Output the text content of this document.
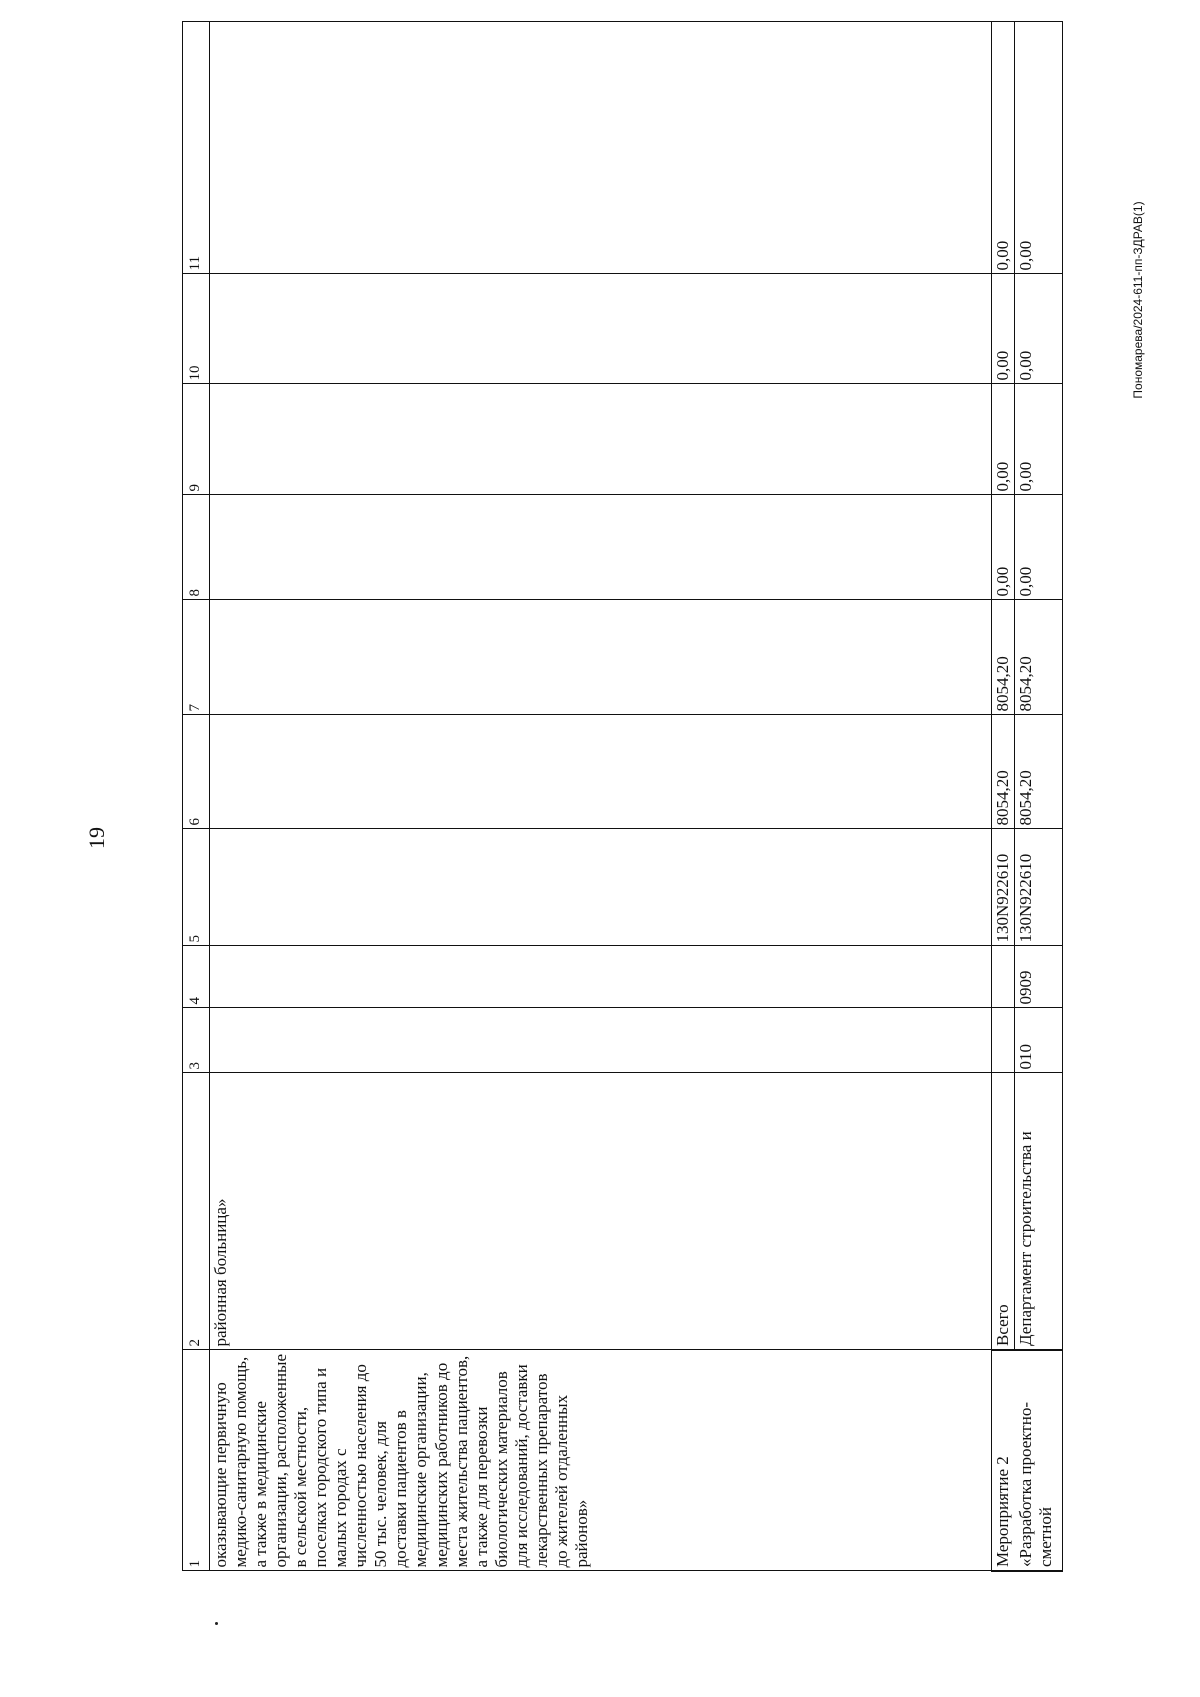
19
Пономарева/2024-611-пп-ЗДРАВ(1)
1	2	3	4	5	6	7	8	9	10	11
оказывающие первичную медико-санитарную помощь, а также в медицинские организации, расположенные в сельской местности, поселках городского типа и малых городах с численностью населения до 50 тыс. человек, для доставки пациентов в медицинские организации, медицинских работников до места жительства пациентов, а также для перевозки биологических материалов для исследований, доставки лекарственных препаратов до жителей отдаленных районов»	районная больница»									
Мероприятие 2	Всего			130N922610	8054,20	8054,20	0,00	0,00	0,00	0,00
«Разработка проектно-сметной	Департамент строительства и	010	0909	130N922610	8054,20	8054,20	0,00	0,00	0,00	0,00
